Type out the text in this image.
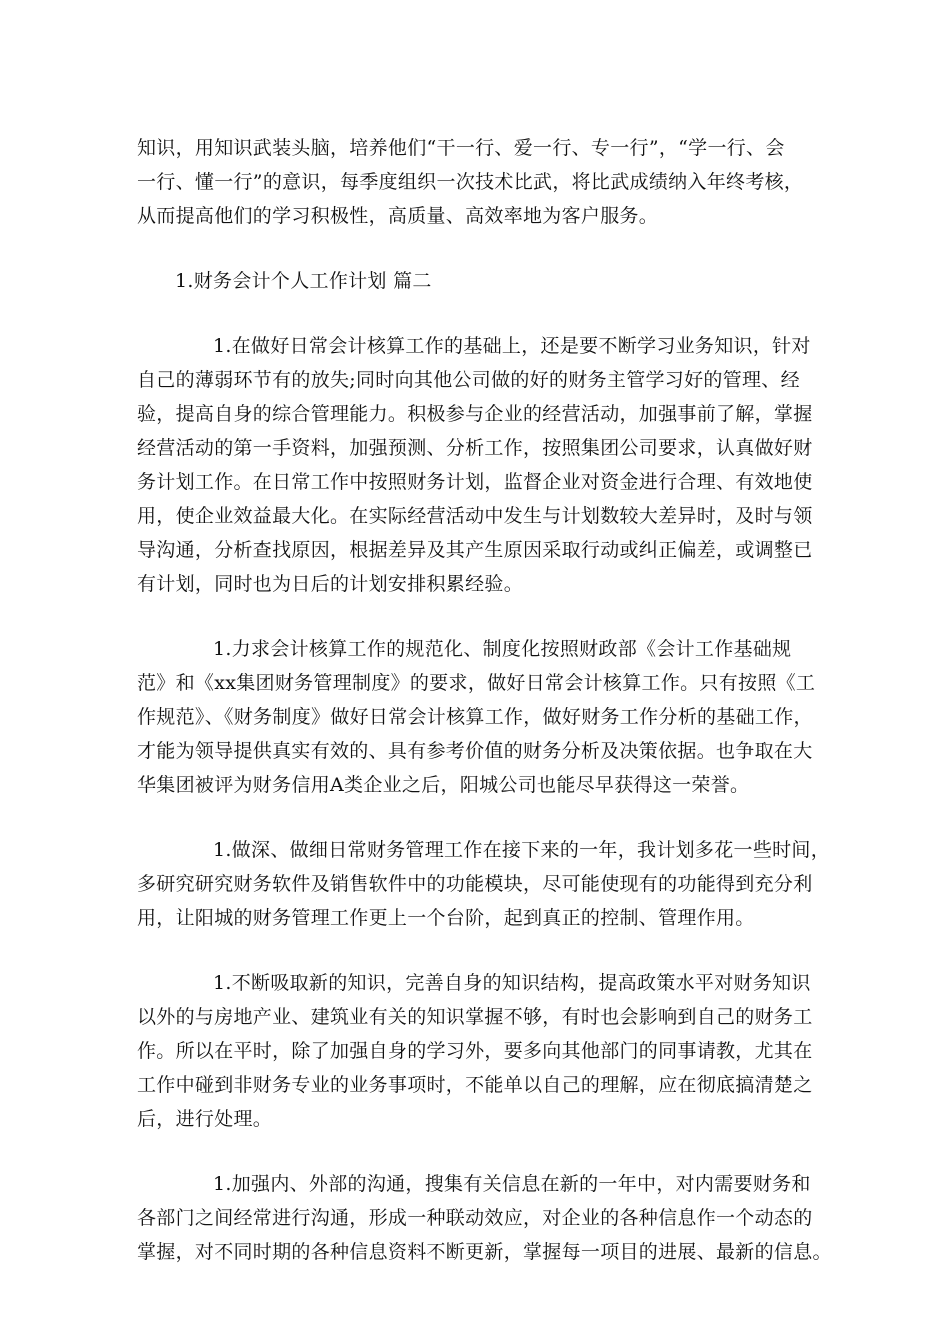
知识，用知识武装头脑，培养他们“干一行、爱一行、专一行”，“学一行、会
一行、懂一行”的意识，每季度组织一次技术比武，将比武成绩纳入年终考核，
从而提高他们的学习积极性，高质量、高效率地为客户服务。

1.财务会计个人工作计划 篇二

1.在做好日常会计核算工作的基础上，还是要不断学习业务知识，针对
自己的薄弱环节有的放失;同时向其他公司做的好的财务主管学习好的管理、经
验，提高自身的综合管理能力。积极参与企业的经营活动，加强事前了解，掌握
经营活动的第一手资料，加强预测、分析工作，按照集团公司要求，认真做好财
务计划工作。在日常工作中按照财务计划，监督企业对资金进行合理、有效地使
用，使企业效益最大化。在实际经营活动中发生与计划数较大差异时，及时与领
导沟通，分析查找原因，根据差异及其产生原因采取行动或纠正偏差，或调整已
有计划，同时也为日后的计划安排积累经验。

1.力求会计核算工作的规范化、制度化按照财政部《会计工作基础规
范》和《xx集团财务管理制度》的要求，做好日常会计核算工作。只有按照《工
作规范》、《财务制度》做好日常会计核算工作，做好财务工作分析的基础工作，
才能为领导提供真实有效的、具有参考价值的财务分析及决策依据。也争取在大
华集团被评为财务信用A类企业之后，阳城公司也能尽早获得这一荣誉。

1.做深、做细日常财务管理工作在接下来的一年，我计划多花一些时间，
多研究研究财务软件及销售软件中的功能模块，尽可能使现有的功能得到充分利
用，让阳城的财务管理工作更上一个台阶，起到真正的控制、管理作用。

1.不断吸取新的知识，完善自身的知识结构，提高政策水平对财务知识
以外的与房地产业、建筑业有关的知识掌握不够，有时也会影响到自己的财务工
作。所以在平时，除了加强自身的学习外，要多向其他部门的同事请教，尤其在
工作中碰到非财务专业的业务事项时，不能单以自己的理解，应在彻底搞清楚之
后，进行处理。

1.加强内、外部的沟通，搜集有关信息在新的一年中，对内需要财务和
各部门之间经常进行沟通，形成一种联动效应，对企业的各种信息作一个动态的
掌握，对不同时期的各种信息资料不断更新，掌握每一项目的进展、最新的信息。
